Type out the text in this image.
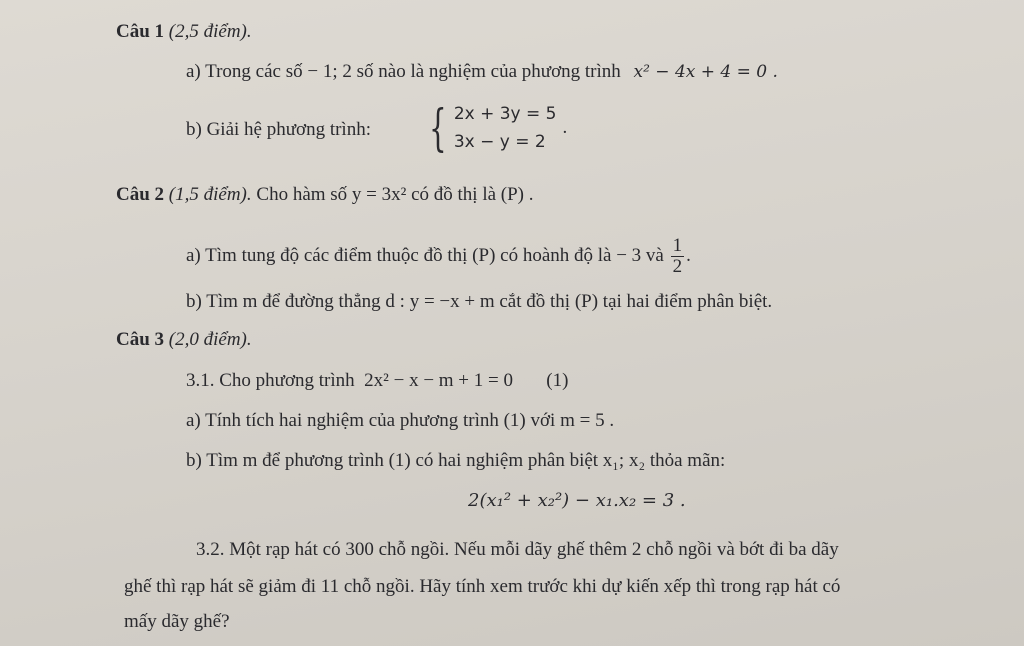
Câu 1 (2,5 điểm).
a) Trong các số − 1; 2 số nào là nghiệm của phương trình x² − 4x + 4 = 0 .
b) Giải hệ phương trình: { 2x + 3y = 5
3x − y = 2
.
Câu 2 (1,5 điểm). Cho hàm số y = 3x² có đồ thị là (P) .
a) Tìm tung độ các điểm thuộc đồ thị (P) có hoành độ là − 3 và $\frac{1}{2}$ .
b) Tìm m để đường thẳng d : y = −x + m cắt đồ thị (P) tại hai điểm phân biệt.
Câu 3 (2,0 điểm).
3.1. Cho phương trình  2x² − x − m + 1 = 0       (1)
a) Tính tích hai nghiệm của phương trình (1) với m = 5 .
b) Tìm m để phương trình (1) có hai nghiệm phân biệt x₁; x₂ thỏa mãn:
2(x₁² + x₂²) − x₁.x₂ = 3 .
3.2. Một rạp hát có 300 chỗ ngồi. Nếu mỗi dãy ghế thêm 2 chỗ ngồi và bớt đi ba dãy
ghế thì rạp hát sẽ giảm đi 11 chỗ ngồi. Hãy tính xem trước khi dự kiến xếp thì trong rạp hát có
mấy dãy ghế?
